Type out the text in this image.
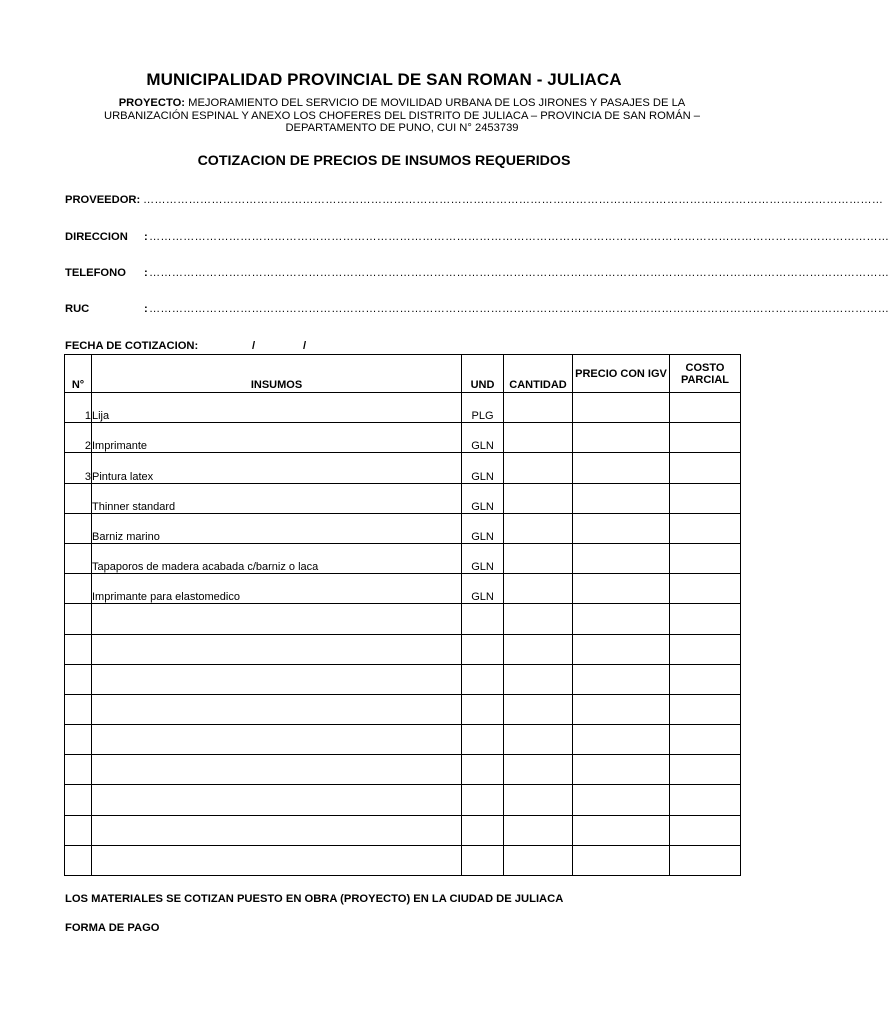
MUNICIPALIDAD PROVINCIAL DE SAN ROMAN - JULIACA
PROYECTO: MEJORAMIENTO DEL SERVICIO DE MOVILIDAD URBANA DE LOS JIRONES Y PASAJES DE LA URBANIZACIÓN ESPINAL Y ANEXO LOS CHOFERES DEL DISTRITO DE JULIACA – PROVINCIA DE SAN ROMÁN – DEPARTAMENTO DE PUNO, CUI N° 2453739
COTIZACION DE PRECIOS DE INSUMOS REQUERIDOS
PROVEEDOR: ……………………………………………………………………………………………………………………………………………………………………………
DIRECCION : ……………………………………………………………………………………………………………………………………………………………………………
TELEFONO : ……………………………………………………………………………………………………………………………………………………………………………
RUC	: ……………………………………………………………………………………………………………………………………………………………………………
FECHA DE COTIZACION:	/	/
N°	INSUMOS	UND	CANTIDAD	PRECIO CON IGV	COSTO PARCIAL
1	Lija	PLG			
2	Imprimante	GLN			
3	Pintura latex	GLN			
	Thinner standard	GLN			
	Barniz marino	GLN			
	Tapaporos de madera acabada c/barniz o laca	GLN			
	Imprimante para elastomedico	GLN			

LOS MATERIALES SE COTIZAN PUESTO EN OBRA (PROYECTO) EN LA CIUDAD DE JULIACA
FORMA DE PAGO
